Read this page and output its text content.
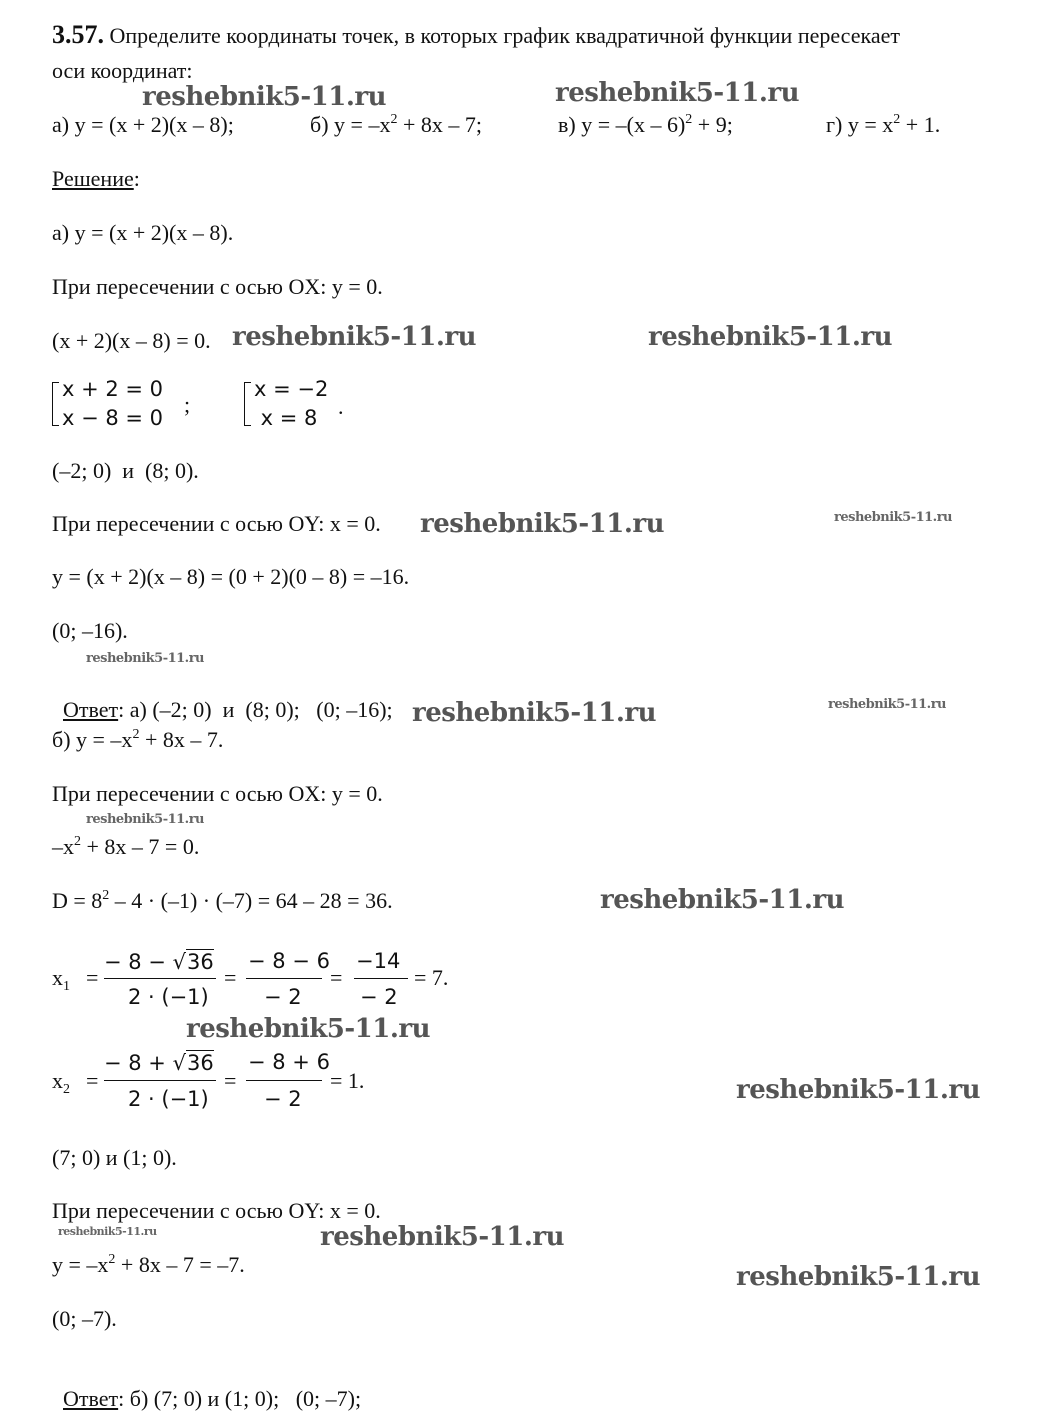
3.57. Определите координаты точек, в которых график квадратичной функции пересекает
оси координат:
а) y = (x + 2)(x – 8);	б) $y = -x^2 + 8x - 7$;	в) y = –(x – 6)$^2$ + 9;	г) $y = x^2 + 1$.
Решение:
а) y = (x + 2)(x – 8).
При пересечении с осью OX: y = 0.
(x + 2)(x – 8) = 0.
x + 2 = 0
x − 8 = 0
;
x = −2
x = 8 .
(–2; 0)  и  (8; 0).
При пересечении с осью OY: x = 0.
y = (x + 2)(x – 8) = (0 + 2)(0 – 8) = –16.
(0; –16).

Ответ: а) (–2; 0)  и  (8; 0);   (0; –16);

б) $y = -x^2 + 8x - 7$.
При пересечении с осью OX: y = 0.
$-x^2 + 8x - 7 = 0$.
$D = 8^2 - 4 \cdot (-1) \cdot (-7) = 64 - 28 = 36$.
$x_1$ =
− 8 − √36
2 · (−1)
=
− 8 − 6
− 2
=
−14
− 2
= 7.
$x_2$ =
− 8 + √36
2 · (−1)
=
− 8 + 6
− 2
= 1.
(7; 0) и (1; 0).
При пересечении с осью OY: x = 0.
$y = -x^2 + 8x - 7 = -7$.
(0; –7).

Ответ: б) (7; 0) и (1; 0);   (0; –7);

reshebnik5-11.ru	reshebnik5-11.ru
reshebnik5-11.ru	reshebnik5-11.ru
reshebnik5-11.ru	reshebnik5-11.ru
reshebnik5-11.ru
reshebnik5-11.ru	reshebnik5-11.ru
reshebnik5-11.ru
reshebnik5-11.ru
reshebnik5-11.ru
reshebnik5-11.ru
reshebnik5-11.ru	reshebnik5-11.ru
reshebnik5-11.ru
